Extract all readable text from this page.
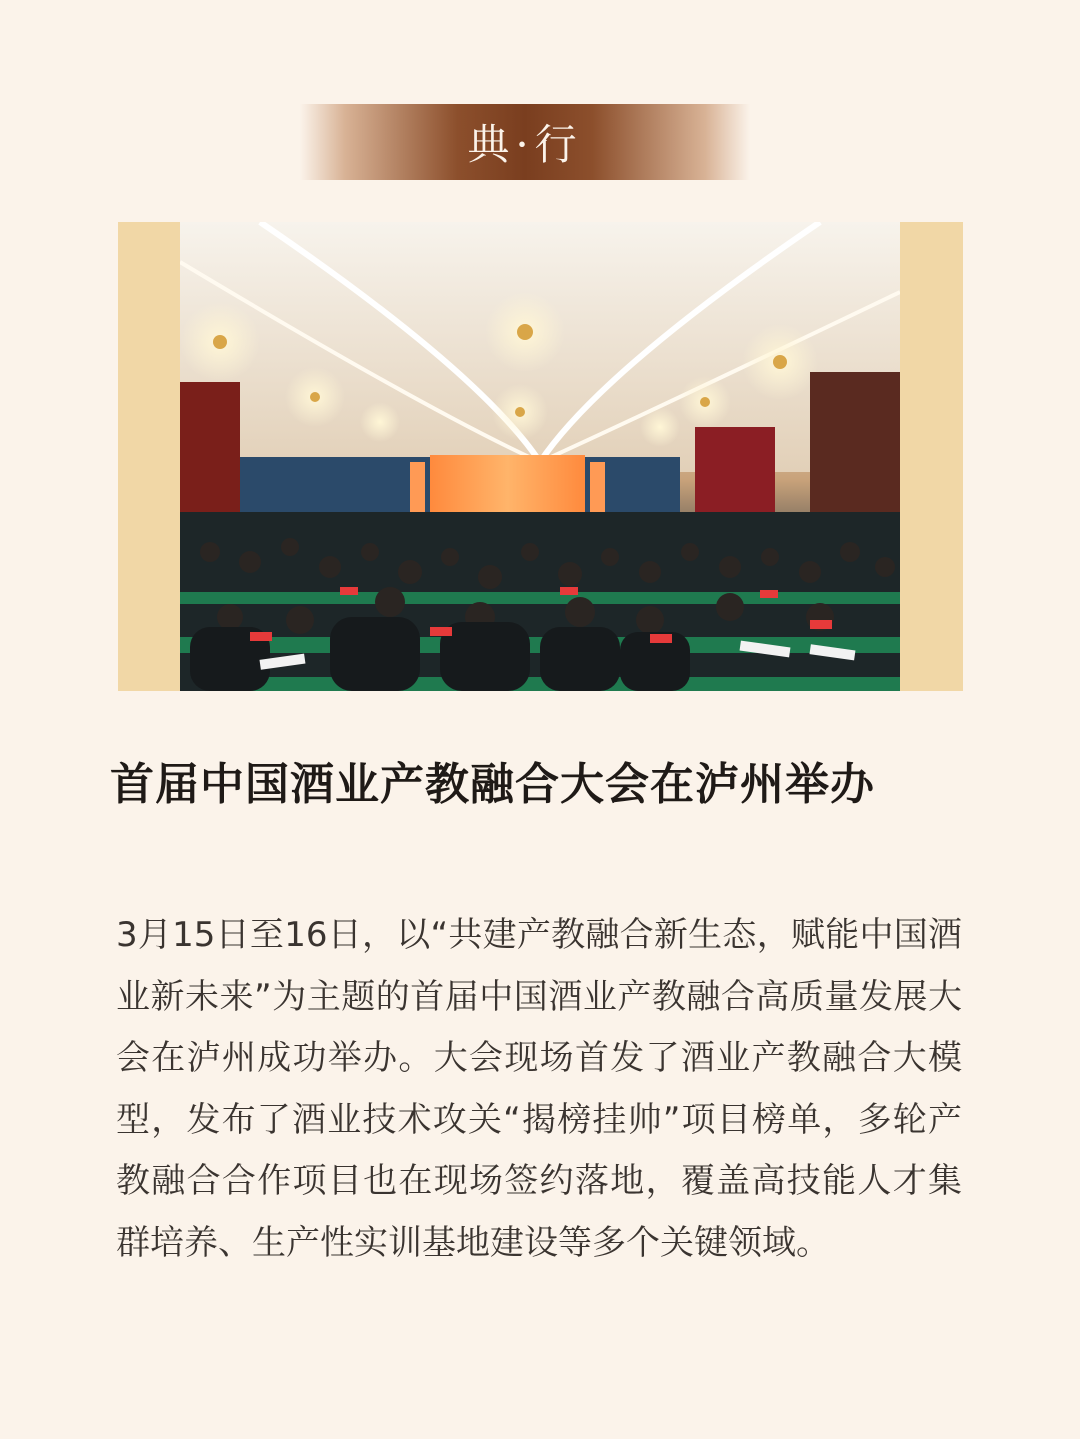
典·行
首届中国酒业产教融合大会在泸州举办

3月15日至16日，以“共建产教融合新生态，赋能中国酒业新未来”为主题的首届中国酒业产教融合高质量发展大会在泸州成功举办。大会现场首发了酒业产教融合大模型，发布了酒业技术攻关“揭榜挂帅”项目榜单，多轮产教融合合作项目也在现场签约落地，覆盖高技能人才集群培养、生产性实训基地建设等多个关键领域。
